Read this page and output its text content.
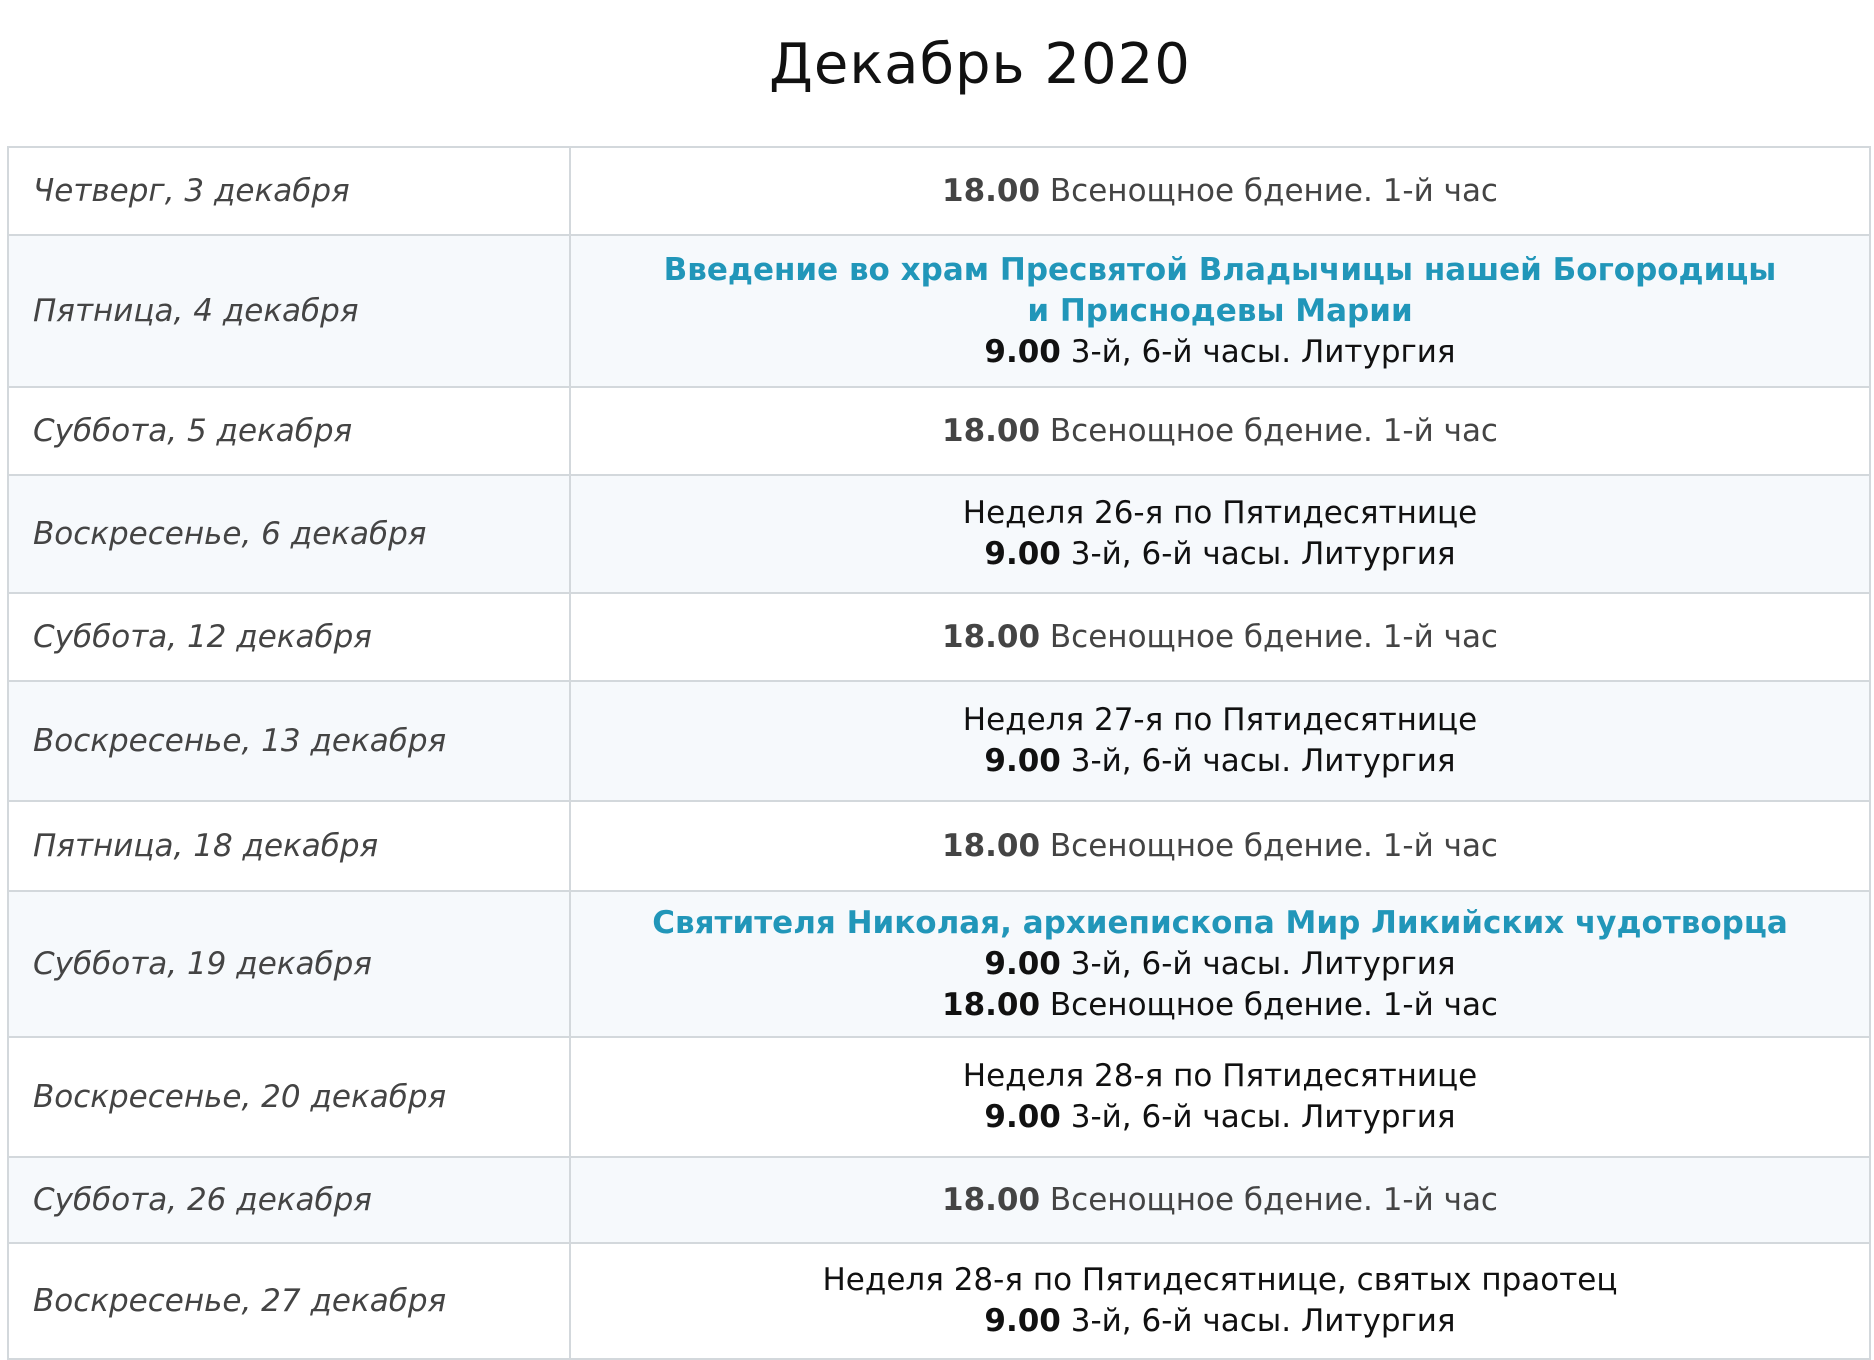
Декабрь 2020
Четверг, 3 декабря	18.00 Всенощное бдение. 1-й час

Пятница, 4 декабря	Введение во храм Пресвятой Владычицы нашей Богородицы
и Приснодевы Марии
9.00 3-й, 6-й часы. Литургия

Суббота, 5 декабря	18.00 Всенощное бдение. 1-й час

Воскресенье, 6 декабря	Неделя 26-я по Пятидесятнице
9.00 3-й, 6-й часы. Литургия

Суббота, 12 декабря	18.00 Всенощное бдение. 1-й час

Воскресенье, 13 декабря	Неделя 27-я по Пятидесятнице
9.00 3-й, 6-й часы. Литургия

Пятница, 18 декабря	18.00 Всенощное бдение. 1-й час

Суббота, 19 декабря	Святителя Николая, архиепископа Мир Ликийских чудотворца
9.00 3-й, 6-й часы. Литургия
18.00 Всенощное бдение. 1-й час

Воскресенье, 20 декабря	Неделя 28-я по Пятидесятнице
9.00 3-й, 6-й часы. Литургия

Суббота, 26 декабря	18.00 Всенощное бдение. 1-й час

Воскресенье, 27 декабря	Неделя 28-я по Пятидесятнице, святых праотец
9.00 3-й, 6-й часы. Литургия
